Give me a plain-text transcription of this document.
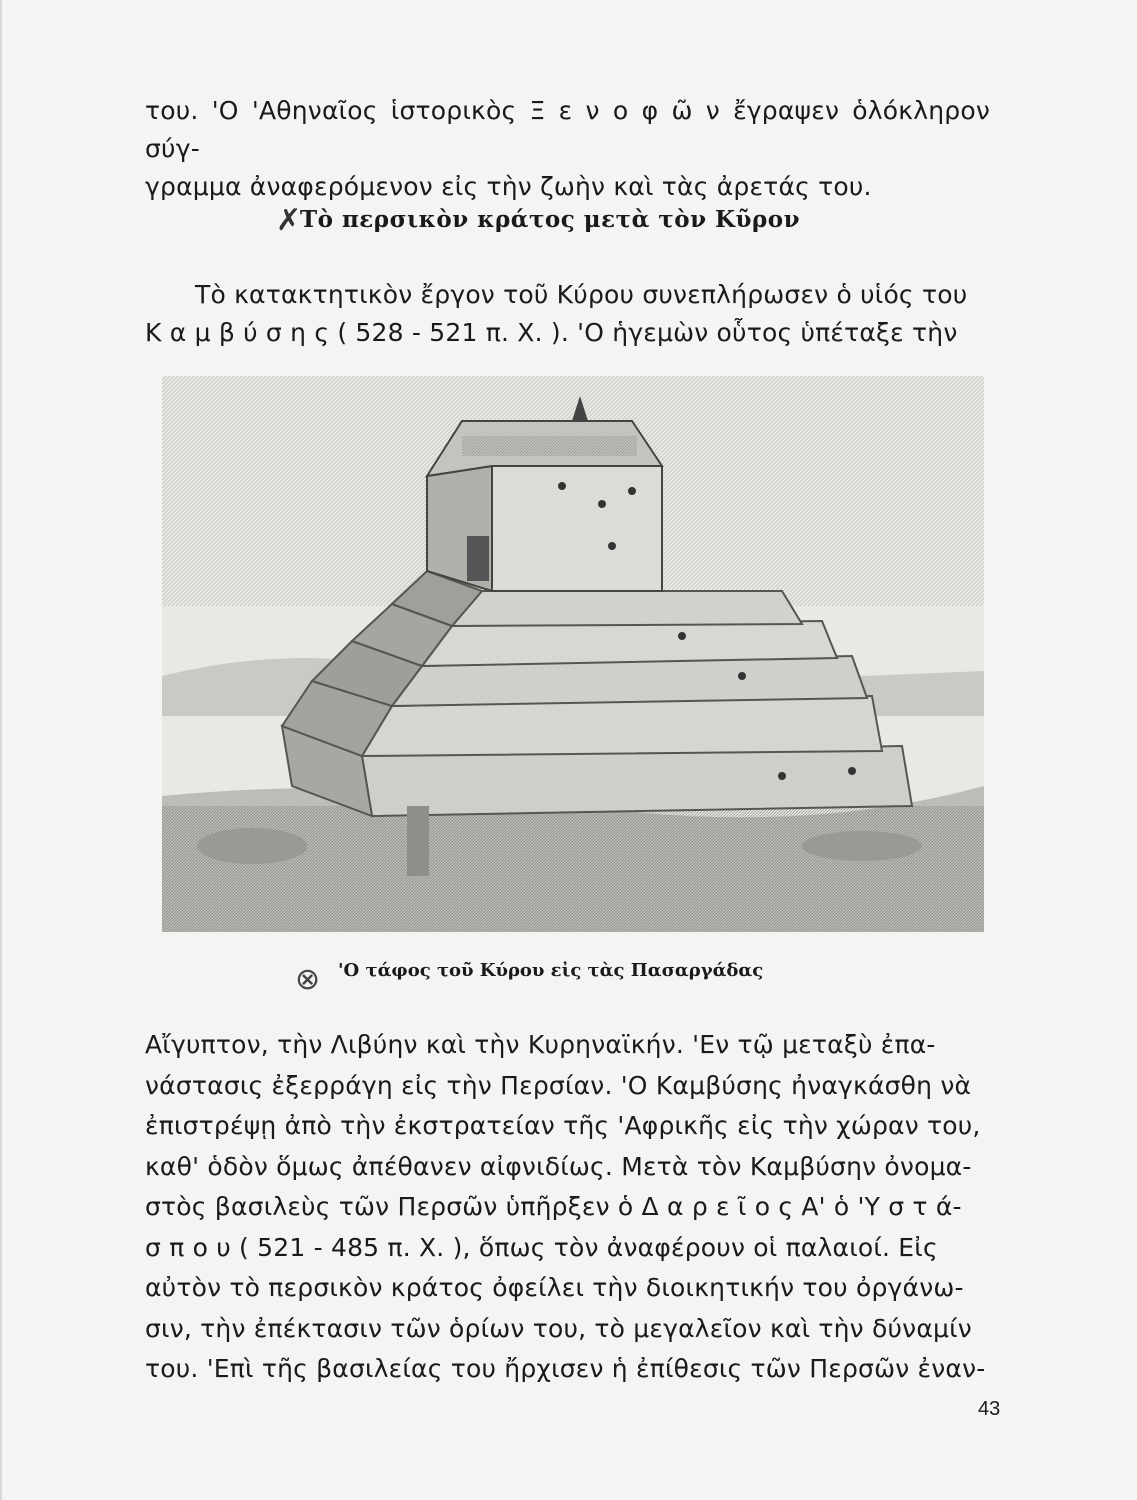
του. 'Ο 'Αθηναῖος ἱστορικὸς Ξ ε ν ο φ ῶ ν ἔγραψεν ὁλόκληρον σύγ-
γραμμα ἀναφερόμενον εἰς τὴν ζωὴν καὶ τὰς ἀρετάς του.

✗
Τὸ περσικὸν κράτος μετὰ τὸν Κῦρον

Τὸ κατακτητικὸν ἔργον τοῦ Κύρου συνεπλήρωσεν ὁ υἱός του
Κ α μ β ύ σ η ς ( 528 - 521 π. Χ. ). 'Ο ἡγεμὼν οὗτος ὑπέταξε τὴν

⊗ 'Ο τάφος τοῦ Κύρου εἰς τὰς Πασαργάδας

Αἴγυπτον, τὴν Λιβύην καὶ τὴν Κυρηναϊκήν. 'Εν τῷ μεταξὺ ἐπα-
νάστασις ἐξερράγη εἰς τὴν Περσίαν. 'Ο Καμβύσης ἠναγκάσθη νὰ
ἐπιστρέψῃ ἀπὸ τὴν ἐκστρατείαν τῆς 'Αφρικῆς εἰς τὴν χώραν του,
καθ' ὁδὸν ὅμως ἀπέθανεν αἰφνιδίως. Μετὰ τὸν Καμβύσην ὀνομα-
στὸς βασιλεὺς τῶν Περσῶν ὑπῆρξεν ὁ Δ α ρ ε ῖ ο ς Α' ὁ 'Υ σ τ ά-
σ π ο υ ( 521 - 485 π. Χ. ), ὅπως τὸν ἀναφέρουν οἱ παλαιοί. Εἰς
αὐτὸν τὸ περσικὸν κράτος ὀφείλει τὴν διοικητικήν του ὀργάνω-
σιν, τὴν ἐπέκτασιν τῶν ὁρίων του, τὸ μεγαλεῖον καὶ τὴν δύναμίν
του. 'Επὶ τῆς βασιλείας του ἤρχισεν ἡ ἐπίθεσις τῶν Περσῶν ἐναν-

43
